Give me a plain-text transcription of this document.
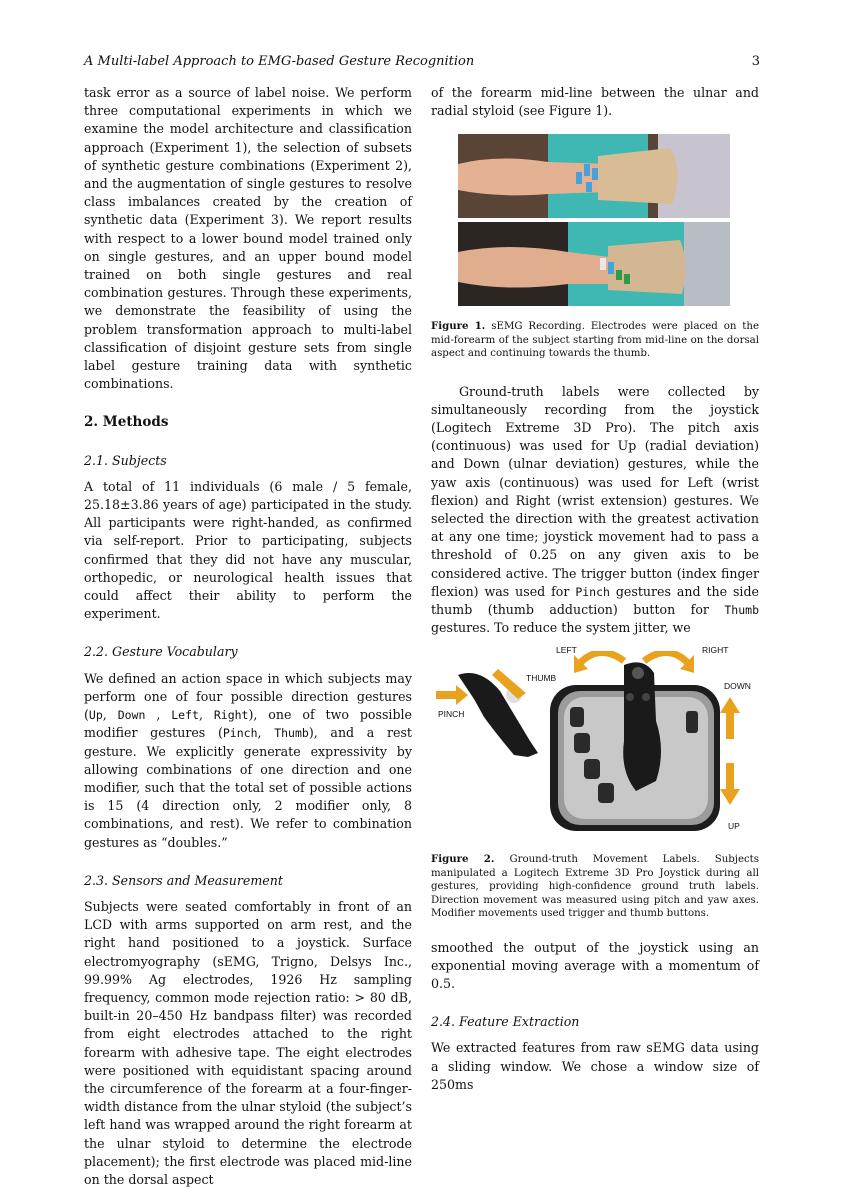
A Multi-label Approach to EMG-based Gesture Recognition	3

task error as a source of label noise. We perform three computational experiments in which we examine the model architecture and classification approach (Experiment 1), the selection of subsets of synthetic gesture combinations (Experiment 2), and the augmentation of single gestures to resolve class imbalances created by the creation of synthetic data (Experiment 3). We report results with respect to a lower bound model trained only on single gestures, and an upper bound model trained on both single gestures and real combination gestures. Through these experiments, we demonstrate the feasibility of using the problem transformation approach to multi-label classification of disjoint gesture sets from single label gesture training data with synthetic combinations.

2. Methods
2.1. Subjects

A total of 11 individuals (6 male / 5 female, 25.18±3.86 years of age) participated in the study. All participants were right-handed, as confirmed via self-report. Prior to participating, subjects confirmed that they did not have any muscular, orthopedic, or neurological health issues that could affect their ability to perform the experiment.

2.2. Gesture Vocabulary

We defined an action space in which subjects may perform one of four possible direction gestures (Up, Down , Left, Right), one of two possible modifier gestures (Pinch, Thumb), and a rest gesture. We explicitly generate expressivity by allowing combinations of one direction and one modifier, such that the total set of possible actions is 15 (4 direction only, 2 modifier only, 8 combinations, and rest). We refer to combination gestures as “doubles.”

2.3. Sensors and Measurement

Subjects were seated comfortably in front of an LCD with arms supported on arm rest, and the right hand positioned to a joystick. Surface electromyography (sEMG, Trigno, Delsys Inc., 99.99% Ag electrodes, 1926 Hz sampling frequency, common mode rejection ratio: > 80 dB, built-in 20–450 Hz bandpass filter) was recorded from eight electrodes attached to the right forearm with adhesive tape. The eight electrodes were positioned with equidistant spacing around the circumference of the forearm at a four-finger-width distance from the ulnar styloid (the subject’s left hand was wrapped around the right forearm at the ulnar styloid to determine the electrode placement); the first electrode was placed mid-line on the dorsal aspect

of the forearm mid-line between the ulnar and radial styloid (see Figure 1).

Figure 1. sEMG Recording. Electrodes were placed on the mid-forearm of the subject starting from mid-line on the dorsal aspect and continuing towards the thumb.

Ground-truth labels were collected by simultaneously recording from the joystick (Logitech Extreme 3D Pro). The pitch axis (continuous) was used for Up (radial deviation) and Down (ulnar deviation) gestures, while the yaw axis (continuous) was used for Left (wrist flexion) and Right (wrist extension) gestures. We selected the direction with the greatest activation at any one time; joystick movement had to pass a threshold of 0.25 on any given axis to be considered active. The trigger button (index finger flexion) was used for Pinch gestures and the side thumb (thumb adduction) button for Thumb gestures. To reduce the system jitter, we

LEFT	RIGHT
THUMB
DOWN
PINCH
UP

Figure 2. Ground-truth Movement Labels. Subjects manipulated a Logitech Extreme 3D Pro Joystick during all gestures, providing high-confidence ground truth labels. Direction movement was measured using pitch and yaw axes. Modifier movements used trigger and thumb buttons.

smoothed the output of the joystick using an exponential moving average with a momentum of 0.5.

2.4. Feature Extraction

We extracted features from raw sEMG data using a sliding window. We chose a window size of 250ms
